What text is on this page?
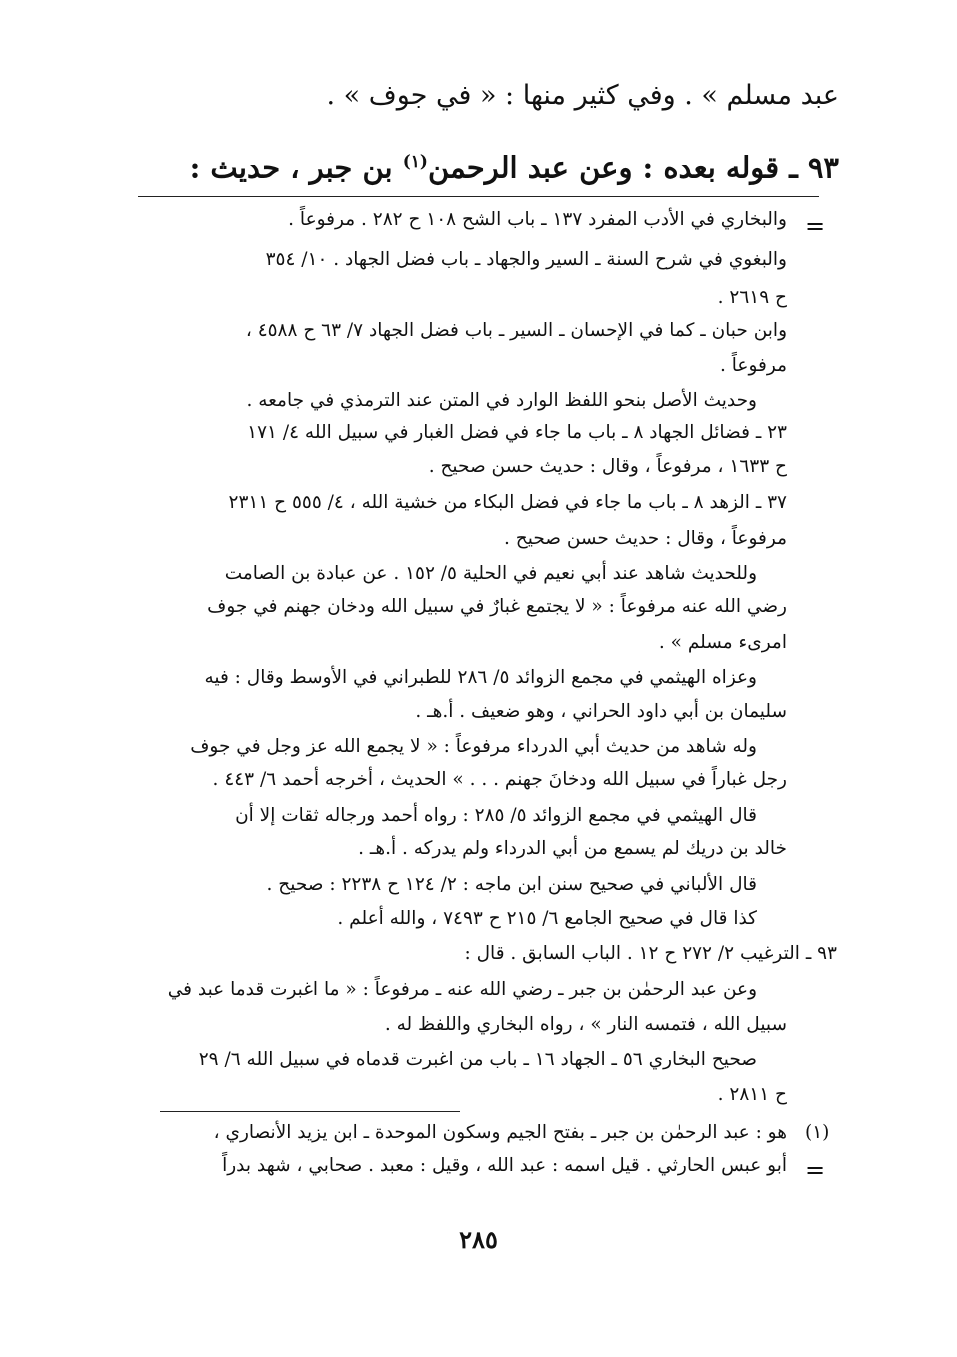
عبد مسلم » . وفي كثير منها : « في جوف » .

٩٣ ـ قوله بعده : وعن عبد الرحمن$^{(١)}$ بن جبر ، حديث :

=

والبخاري في الأدب المفرد ١٣٧ ـ باب الشح ١٠٨ ح ٢٨٢ . مرفوعاً .

والبغوي في شرح السنة ـ السير والجهاد ـ باب فضل الجهاد . ١٠/ ٣٥٤

ح ٢٦١٩ .

وابن حبان ـ كما في الإحسان ـ السير ـ باب فضل الجهاد ٧/ ٦٣ ح ٤٥٨٨ ،

مرفوعاً .

وحديث الأصل بنحو اللفظ الوارد في المتن عند الترمذي في جامعه .

٢٣ ـ فضائل الجهاد ٨ ـ باب ما جاء في فضل الغبار في سبيل الله ٤/ ١٧١

ح ١٦٣٣ ، مرفوعاً ، وقال : حديث حسن صحيح .

٣٧ ـ الزهد ٨ ـ باب ما جاء في فضل البكاء من خشية الله ، ٤/ ٥٥٥ ح ٢٣١١

مرفوعاً ، وقال : حديث حسن صحيح .

وللحديث شاهد عند أبي نعيم في الحلية ٥/ ١٥٢ . عن عبادة بن الصامت

رضي الله عنه مرفوعاً : « لا يجتمع غبارٌ في سبيل الله ودخان جهنم في جوف

امرىء مسلم » .

وعزاه الهيثمي في مجمع الزوائد ٥/ ٢٨٦ للطبراني في الأوسط وقال : فيه

سليمان بن أبي داود الحراني ، وهو ضعيف . أ.هـ .

وله شاهد من حديث أبي الدرداء مرفوعاً : « لا يجمع الله عز وجل في جوف

رجل غباراً في سبيل الله ودخانَ جهنم . . . » الحديث ، أخرجه أحمد ٦/ ٤٤٣ .

قال الهيثمي في مجمع الزوائد ٥/ ٢٨٥ : رواه أحمد ورجاله ثقات إلا أن

خالد بن دريك لم يسمع من أبي الدرداء ولم يدركه . أ.هـ .

قال الألباني في صحيح سنن ابن ماجه : ٢/ ١٢٤ ح ٢٢٣٨ : صحيح .

كذا قال في صحيح الجامع ٦/ ٢١٥ ح ٧٤٩٣ ، والله أعلم .

٩٣ ـ الترغيب ٢/ ٢٧٢ ح ١٢ . الباب السابق . قال :

وعن عبد الرحمٰن بن جبر ـ رضي الله عنه ـ مرفوعاً : « ما اغبرت قدما عبد في

سبيل الله ، فتمسه النار » ، رواه البخاري واللفظ له .

صحيح البخاري ٥٦ ـ الجهاد ١٦ ـ باب من اغبرت قدماه في سبيل الله ٦/ ٢٩

ح ٢٨١١ .

(١)

هو : عبد الرحمٰن بن جبر ـ بفتح الجيم وسكون الموحدة ـ ابن يزيد الأنصاري ،

أبو عبس الحارثي . قيل اسمه : عبد الله ، وقيل : معبد . صحابي ، شهد بدراً =
٢٨٥
